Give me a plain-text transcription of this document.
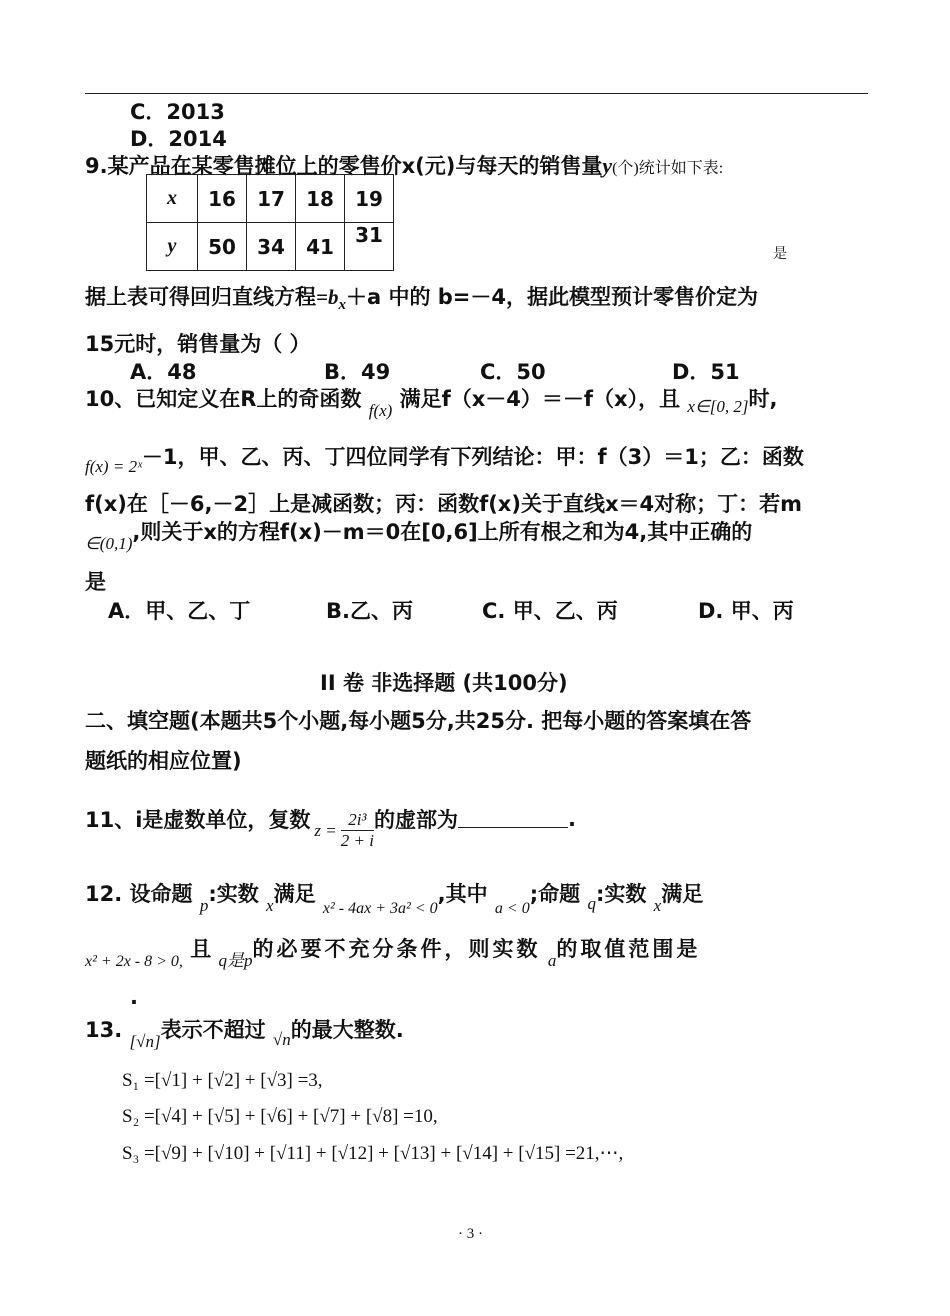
C．2013
D．2014
9.某产品在某零售摊位上的零售价x(元)与每天的销售量y(个)统计如下表:
x	16	17	18	19
y	50	34	41	31
是
据上表可得回归直线方程$=b_x+a$ 中的 b=－4，据此模型预计零售价定为
15元时，销售量为（ ）
A．48	B．49	C．50	D．51
10、已知定义在R上的奇函数 $_{f(x)}$ 满足f（x－4）＝－f（x），且 $_{x\in[0, 2]}$时,
$_{f(x) = 2ˣ}$－1，甲、乙、丙、丁四位同学有下列结论：甲：f（3）＝1；乙：函数
f(x)在［－6,－2］上是减函数；丙：函数f(x)关于直线x＝4对称；丁：若m
$_{\in(0,1)}$,则关于x的方程f(x)－m＝0在[0,6]上所有根之和为4,其中正确的
是
A．甲、乙、丁	B.乙、丙	C. 甲、乙、丙	D. 甲、丙
II 卷 非选择题 (共100分)
二、填空题(本题共5个小题,每小题5分,共25分. 把每小题的答案填在答
题纸的相应位置)
11、i是虚数单位，复数 $z = \frac{\text{2i³}}{2 + i}$ 的虚部为	.
12. 设命题 $_p$:实数 $_x$满足 $_{x^2 - 4ax + 3a^2 < 0}$,其中 $_{a < 0}$;命题 $_q$:实数 $_x$满足
$_{x^2 + 2x - 8 > 0,}$ 且 $_{q是p}$的必要不充分条件，则实数 $_a$的取值范围是
.
13. $_{[√n]}$表示不超过 $_{√n}$的最大整数.
S₁ =[√1] + [√2] + [√3] =3,
S₂ =[√4] + [√5] + [√6] + [√7] + [√8] =10,
S₃ =[√9] + [√10] + [√11] + [√12] + [√13] + [√14] + [√15] =21,⋯,
· 3 ·
